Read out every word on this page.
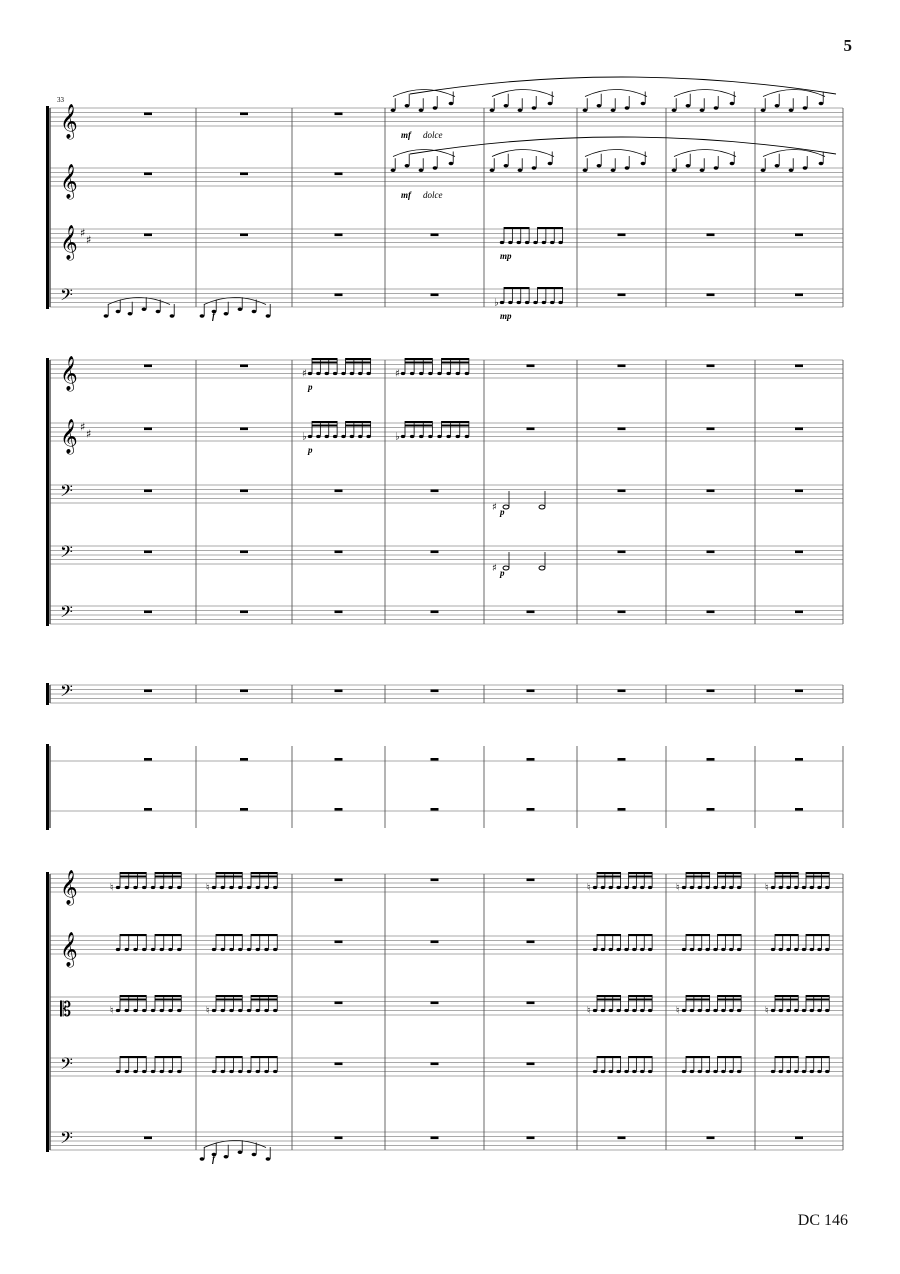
5
𝄞
𝄞
𝄞 ♯
♯
𝄢	♭
𝄞	♯	♯
𝄞 ♯
♯	♭	♭
𝄢
♯
𝄢
♯
𝄢
𝄢
𝄞	♮	♮	♮	♮	♮
𝄞
𝄡	♮	♮	♮	♮	♮
𝄢
𝄢
33
mf
mf
mp
f	mp
p
p
p
p
f
dolce
dolce
DC 146
